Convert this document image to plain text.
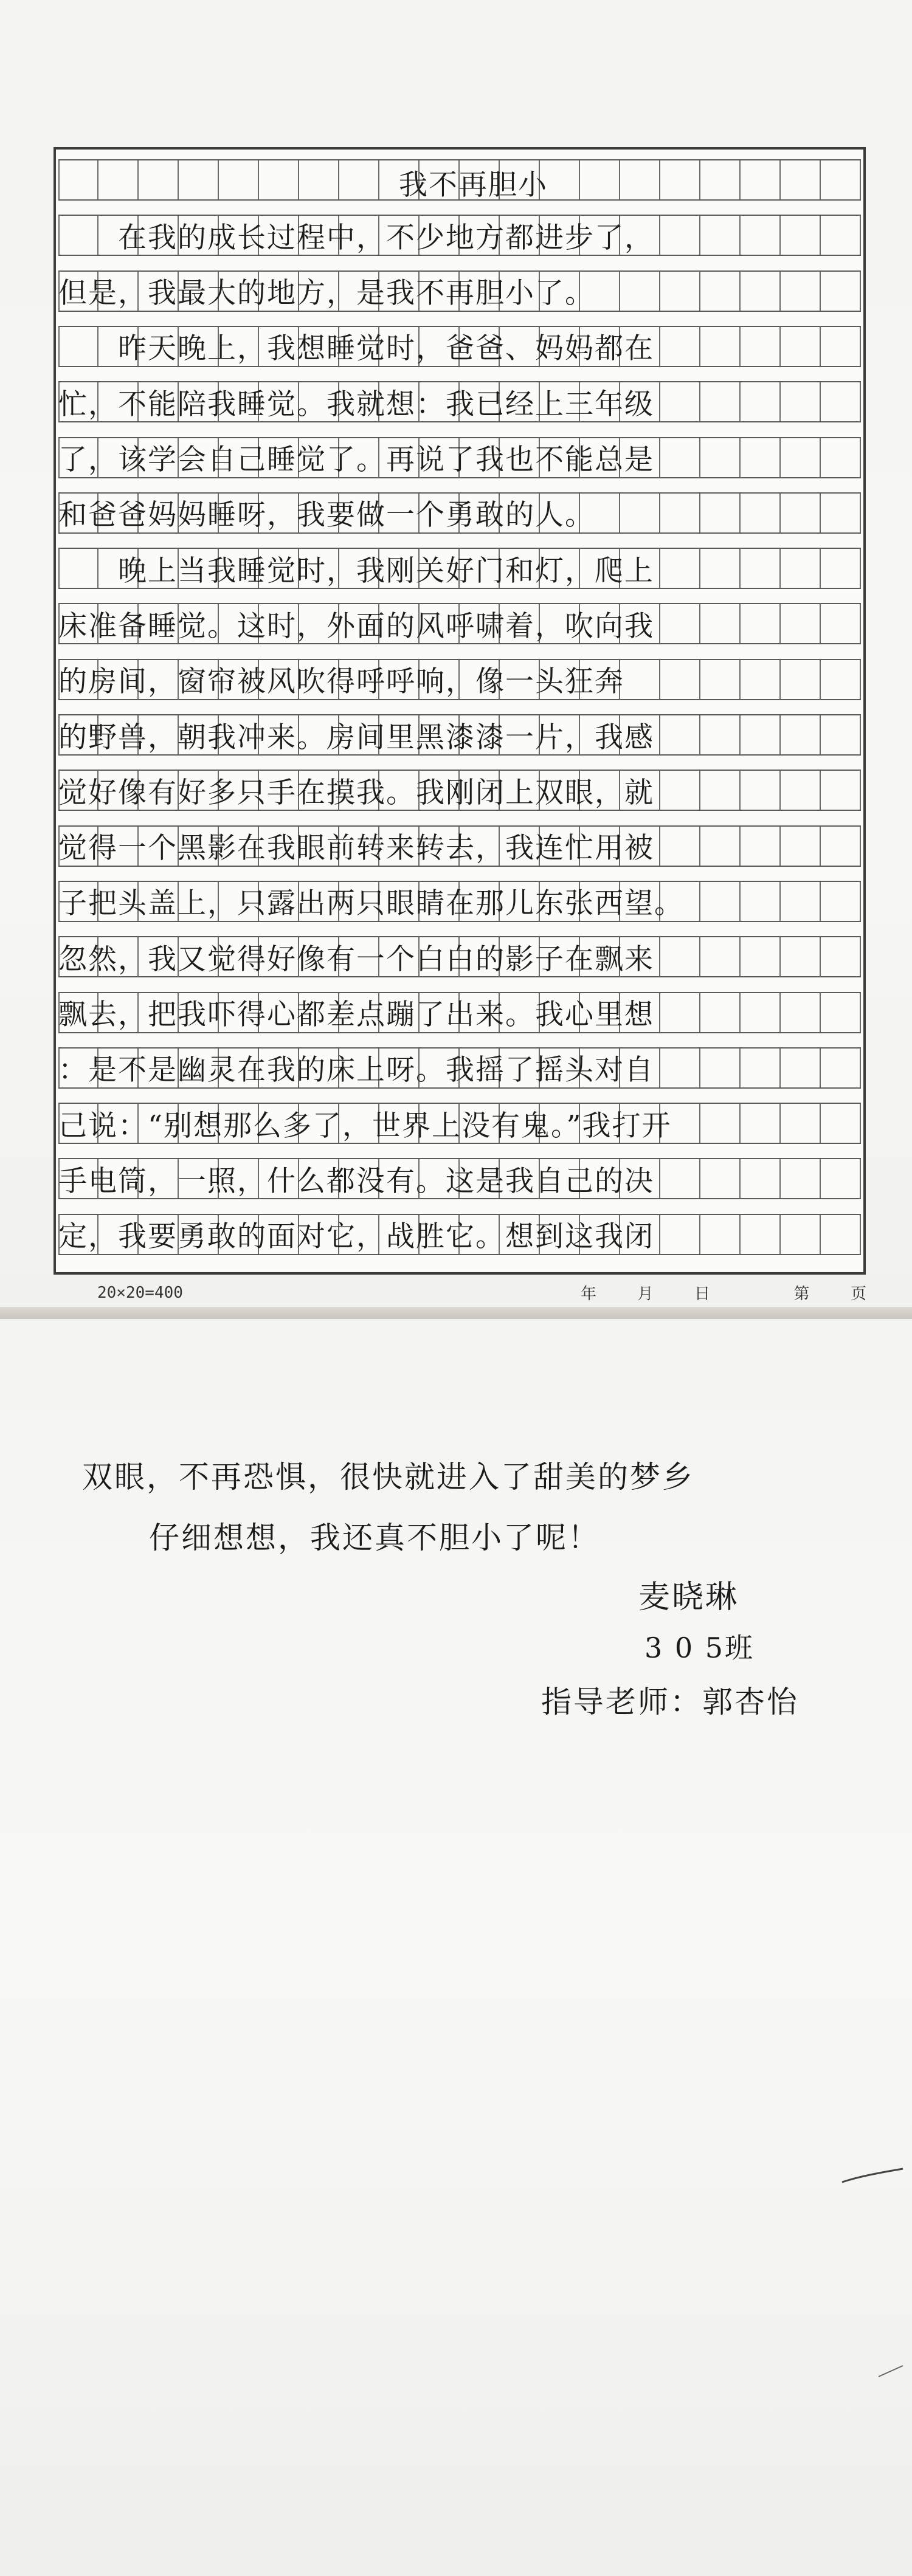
我不再胆小
　　在我的成长过程中，不少地方都进步了，
但是，我最大的地方，是我不再胆小了。
　　昨天晚上，我想睡觉时，爸爸、妈妈都在
忙，不能陪我睡觉。我就想：我已经上三年级
了，该学会自己睡觉了。再说了我也不能总是
和爸爸妈妈睡呀，我要做一个勇敢的人。
　　晚上当我睡觉时，我刚关好门和灯，爬上
床准备睡觉。这时，外面的风呼啸着，吹向我
的房间，窗帘被风吹得呼呼响，像一头狂奔
的野兽，朝我冲来。房间里黑漆漆一片，我感
觉好像有好多只手在摸我。我刚闭上双眼，就
觉得一个黑影在我眼前转来转去，我连忙用被
子把头盖上，只露出两只眼睛在那儿东张西望。
忽然，我又觉得好像有一个白白的影子在飘来
飘去，把我吓得心都差点蹦了出来。我心里想
：是不是幽灵在我的床上呀。我摇了摇头对自
己说：“别想那么多了，世界上没有鬼。”我打开
手电筒，一照，什么都没有。这是我自己的决
定，我要勇敢的面对它，战胜它。想到这我闭
20×20=400	年	月	日	第	页
双眼，不再恐惧，很快就进入了甜美的梦乡
仔细想想，我还真不胆小了呢！
麦晓琳
3 0 5班
指导老师：郭杏怡
